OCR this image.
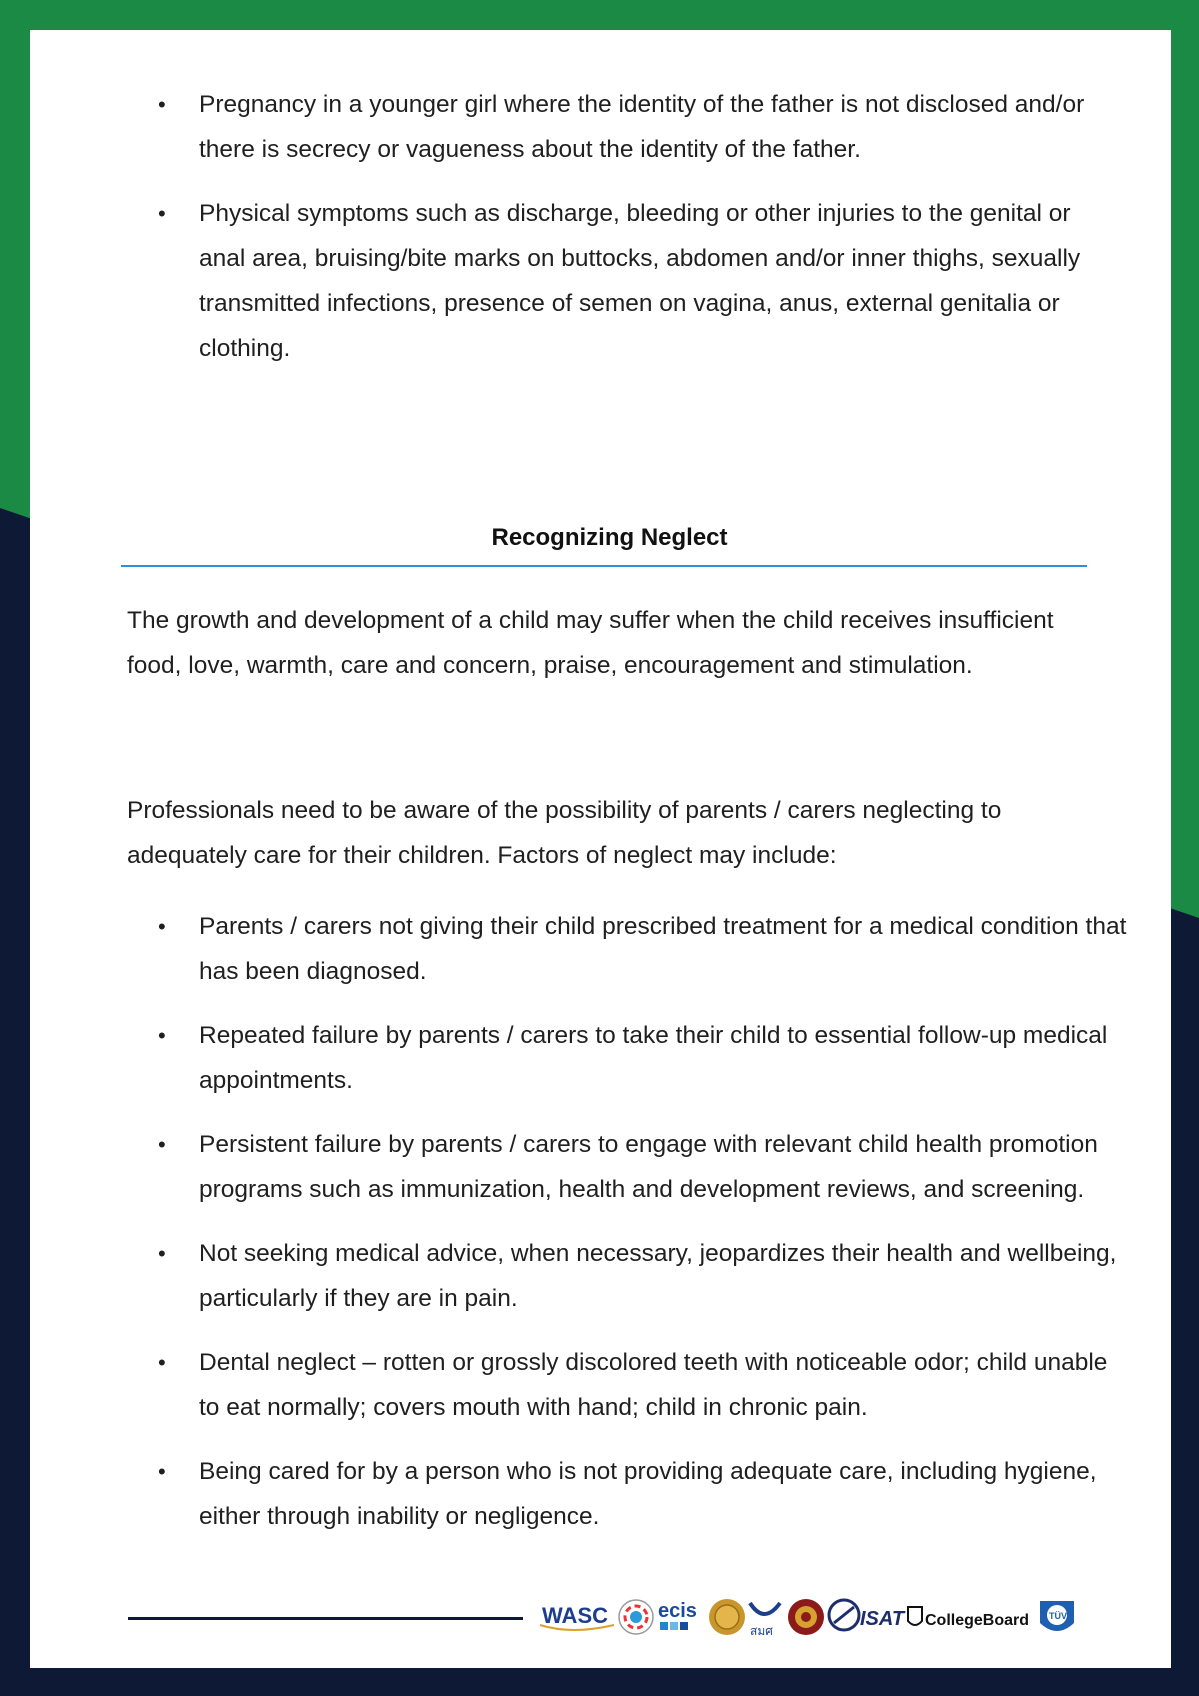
• Pregnancy in a younger girl where the identity of the father is not disclosed and/or there is secrecy or vagueness about the identity of the father.
• Physical symptoms such as discharge, bleeding or other injuries to the genital or anal area, bruising/bite marks on buttocks, abdomen and/or inner thighs, sexually transmitted infections, presence of semen on vagina, anus, external genitalia or clothing.
Recognizing Neglect

The growth and development of a child may suffer when the child receives insufficient food, love, warmth, care and concern, praise, encouragement and stimulation.

Professionals need to be aware of the possibility of parents / carers neglecting to adequately care for their children. Factors of neglect may include:

• Parents / carers not giving their child prescribed treatment for a medical condition that has been diagnosed.
• Repeated failure by parents / carers to take their child to essential follow-up medical appointments.
• Persistent failure by parents / carers to engage with relevant child health promotion programs such as immunization, health and development reviews, and screening.
• Not seeking medical advice, when necessary, jeopardizes their health and wellbeing, particularly if they are in pain.
• Dental neglect – rotten or grossly discolored teeth with noticeable odor; child unable to eat normally; covers mouth with hand; child in chronic pain.
• Being cared for by a person who is not providing adequate care, including hygiene, either through inability or negligence.
WASC	ecis
สมศ
ISAT CollegeBoard TÜV
